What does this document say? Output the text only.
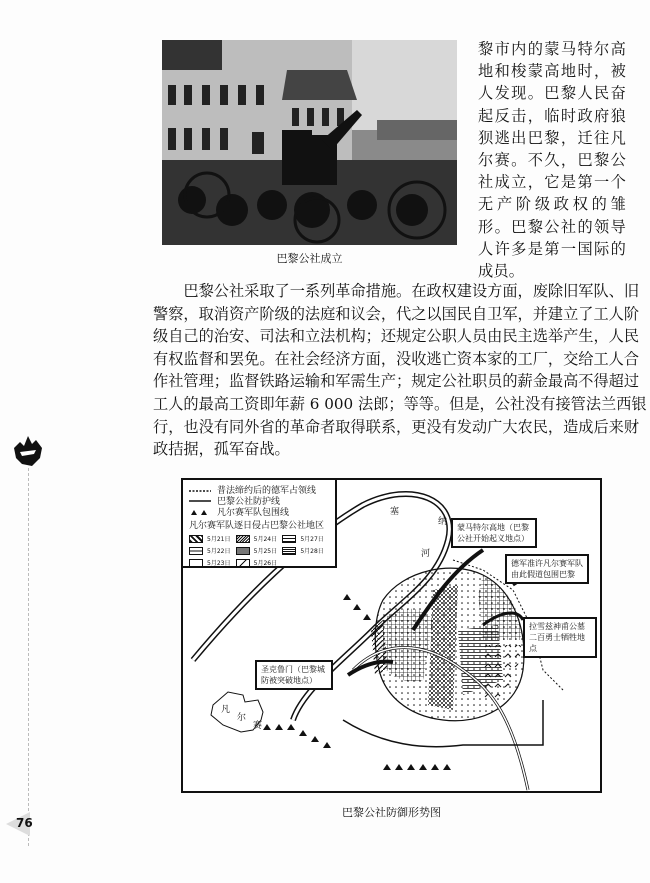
巴黎公社成立
黎市内的蒙马特尔高
地和梭蒙高地时，被
人发现。巴黎人民奋
起反击，临时政府狼
狈逃出巴黎，迁往凡
尔赛。不久，巴黎公
社成立，它是第一个
无产阶级政权的雏
形。巴黎公社的领导
人许多是第一国际的
成员。
　　巴黎公社采取了一系列革命措施。在政权建设方面，废除旧军队、旧
警察，取消资产阶级的法庭和议会，代之以国民自卫军，并建立了工人阶
级自己的治安、司法和立法机构；还规定公职人员由民主选举产生，人民
有权监督和罢免。在社会经济方面，没收逃亡资本家的工厂，交给工人合
作社管理；监督铁路运输和军需生产；规定公社职员的薪金最高不得超过
工人的最高工资即年薪 6 000 法郎；等等。但是，公社没有接管法兰西银
行，也没有同外省的革命者取得联系，更没有发动广大农民，造成后来财
政拮据，孤军奋战。
76
普法缔约后的德军占领线
巴黎公社防护线
凡尔赛军队包围线
凡尔赛军队逐日侵占巴黎公社地区
5月21日	5月24日	5月27日
5月22日	5月25日	5月28日
5月23日	5月26日
蒙马特尔高地（巴黎公社开始起义地点）
德军准许凡尔赛军队由此假道包围巴黎
拉雪兹神甫公墓二百勇士牺牲地点
圣克鲁门（巴黎城防被突破地点）
塞
纳
河
凡
尔
赛
巴黎公社防御形势图
